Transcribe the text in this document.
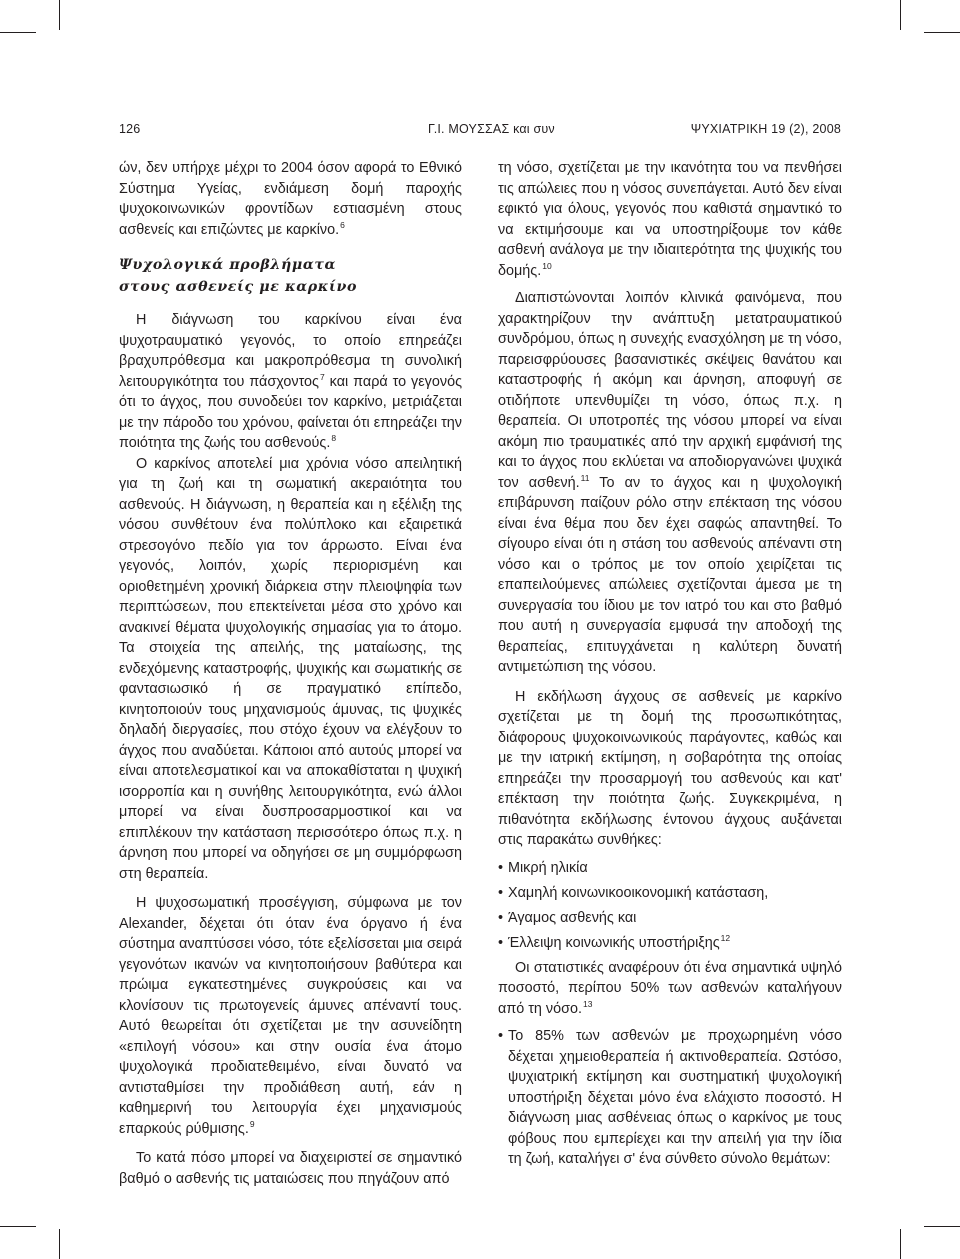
126	Γ.Ι. ΜΟΥΣΣΑΣ και συν	ΨΥΧΙΑΤΡΙΚΗ 19 (2), 2008

ών, δεν υπήρχε μέχρι το 2004 όσον αφορά το Εθνικό Σύστημα Υγείας, ενδιάμεση δομή παροχής ψυχοκοινωνικών φροντίδων εστιασμένη στους ασθενείς και επιζώντες με καρκίνο.$^6$

Ψυχολογικά προβλήματα
στους ασθενείς με καρκίνο

Η διάγνωση του καρκίνου είναι ένα ψυχοτραυματικό γεγονός, το οποίο επηρεάζει βραχυπρόθεσμα και μακροπρόθεσμα τη συνολική λειτουργικότητα του πάσχοντος$^7$ και παρά το γεγονός ότι το άγχος, που συνοδεύει τον καρκίνο, μετριάζεται με την πάροδο του χρόνου, φαίνεται ότι επηρεάζει την ποιότητα της ζωής του ασθενούς.$^8$

Ο καρκίνος αποτελεί μια χρόνια νόσο απειλητική για τη ζωή και τη σωματική ακεραιότητα του ασθενούς. Η διάγνωση, η θεραπεία και η εξέλιξη της νόσου συνθέτουν ένα πολύπλοκο και εξαιρετικά στρεσογόνο πεδίο για τον άρρωστο. Είναι ένα γεγονός, λοιπόν, χωρίς περιορισμένη και οριοθετημένη χρονική διάρκεια στην πλειοψηφία των περιπτώσεων, που επεκτείνεται μέσα στο χρόνο και ανακινεί θέματα ψυχολογικής σημασίας για το άτομο. Τα στοιχεία της απειλής, της ματαίωσης, της ενδεχόμενης καταστροφής, ψυχικής και σωματικής σε φαντασιωσικό ή σε πραγματικό επίπεδο, κινητοποιούν τους μηχανισμούς άμυνας, τις ψυχικές δηλαδή διεργασίες, που στόχο έχουν να ελέγξουν το άγχος που αναδύεται. Κάποιοι από αυτούς μπορεί να είναι αποτελεσματικοί και να αποκαθίσταται η ψυχική ισορροπία και η συνήθης λειτουργικότητα, ενώ άλλοι μπορεί να είναι δυσπροσαρμοστικοί και να επιπλέκουν την κατάσταση περισσότερο όπως π.χ. η άρνηση που μπορεί να οδηγήσει σε μη συμμόρφωση στη θεραπεία.

Η ψυχοσωματική προσέγγιση, σύμφωνα με τον Alexander, δέχεται ότι όταν ένα όργανο ή ένα σύστημα αναπτύσσει νόσο, τότε εξελίσσεται μια σειρά γεγονότων ικανών να κινητοποιήσουν βαθύτερα και πρώιμα εγκατεστημένες συγκρούσεις και να κλονίσουν τις πρωτογενείς άμυνες απέναντί τους. Αυτό θεωρείται ότι σχετίζεται με την ασυνείδητη «επιλογή νόσου» και στην ουσία ένα άτομο ψυχολογικά προδιατεθειμένο, είναι δυνατό να αντισταθμίσει την προδιάθεση αυτή, εάν η καθημερινή του λειτουργία έχει μηχανισμούς επαρκούς ρύθμισης.$^9$

Το κατά πόσο μπορεί να διαχειριστεί σε σημαντικό βαθμό ο ασθενής τις ματαιώσεις που πηγάζουν από

τη νόσο, σχετίζεται με την ικανότητα του να πενθήσει τις απώλειες που η νόσος συνεπάγεται. Αυτό δεν είναι εφικτό για όλους, γεγονός που καθιστά σημαντικό το να εκτιμήσουμε και να υποστηρίξουμε τον κάθε ασθενή ανάλογα με την ιδιαιτερότητα της ψυχικής του δομής.$^{10}$

Διαπιστώνονται λοιπόν κλινικά φαινόμενα, που χαρακτηρίζουν την ανάπτυξη μετατραυματικού συνδρόμου, όπως η συνεχής ενασχόληση με τη νόσο, παρεισφρύουσες βασανιστικές σκέψεις θανάτου και καταστροφής ή ακόμη και άρνηση, αποφυγή σε οτιδήποτε υπενθυμίζει τη νόσο, όπως π.χ. η θεραπεία. Οι υποτροπές της νόσου μπορεί να είναι ακόμη πιο τραυματικές από την αρχική εμφάνισή της και το άγχος που εκλύεται να αποδιοργανώνει ψυχικά τον ασθενή.$^{11}$ Το αν το άγχος και η ψυχολογική επιβάρυνση παίζουν ρόλο στην επέκταση της νόσου είναι ένα θέμα που δεν έχει σαφώς απαντηθεί. Το σίγουρο είναι ότι η στάση του ασθενούς απέναντι στη νόσο και ο τρόπος με τον οποίο χειρίζεται τις επαπειλούμενες απώλειες σχετίζονται άμεσα με τη συνεργασία του ίδιου με τον ιατρό του και στο βαθμό που αυτή η συνεργασία εμφυσά την αποδοχή της θεραπείας, επιτυγχάνεται η καλύτερη δυνατή αντιμετώπιση της νόσου.

Η εκδήλωση άγχους σε ασθενείς με καρκίνο σχετίζεται με τη δομή της προσωπικότητας, διάφορους ψυχοκοινωνικούς παράγοντες, καθώς και με την ιατρική εκτίμηση, η σοβαρότητα της οποίας επηρεάζει την προσαρμογή του ασθενούς και κατ' επέκταση την ποιότητα ζωής. Συγκεκριμένα, η πιθανότητα εκδήλωσης έντονου άγχους αυξάνεται στις παρακάτω συνθήκες:

• Μικρή ηλικία
• Χαμηλή κοινωνικοοικονομική κατάσταση,
• Άγαμος ασθενής και
• Έλλειψη κοινωνικής υποστήριξης$^{12}$

Οι στατιστικές αναφέρουν ότι ένα σημαντικά υψηλό ποσοστό, περίπου 50% των ασθενών καταλήγουν από τη νόσο.$^{13}$

• Το 85% των ασθενών με προχωρημένη νόσο δέχεται χημειοθεραπεία ή ακτινοθεραπεία. Ωστόσο, ψυχιατρική εκτίμηση και συστηματική ψυχολογική υποστήριξη δέχεται μόνο ένα ελάχιστο ποσοστό. Η διάγνωση μιας ασθένειας όπως ο καρκίνος με τους φόβους που εμπερίεχει και την απειλή για την ίδια τη ζωή, καταλήγει σ' ένα σύνθετο σύνολο θεμάτων:
